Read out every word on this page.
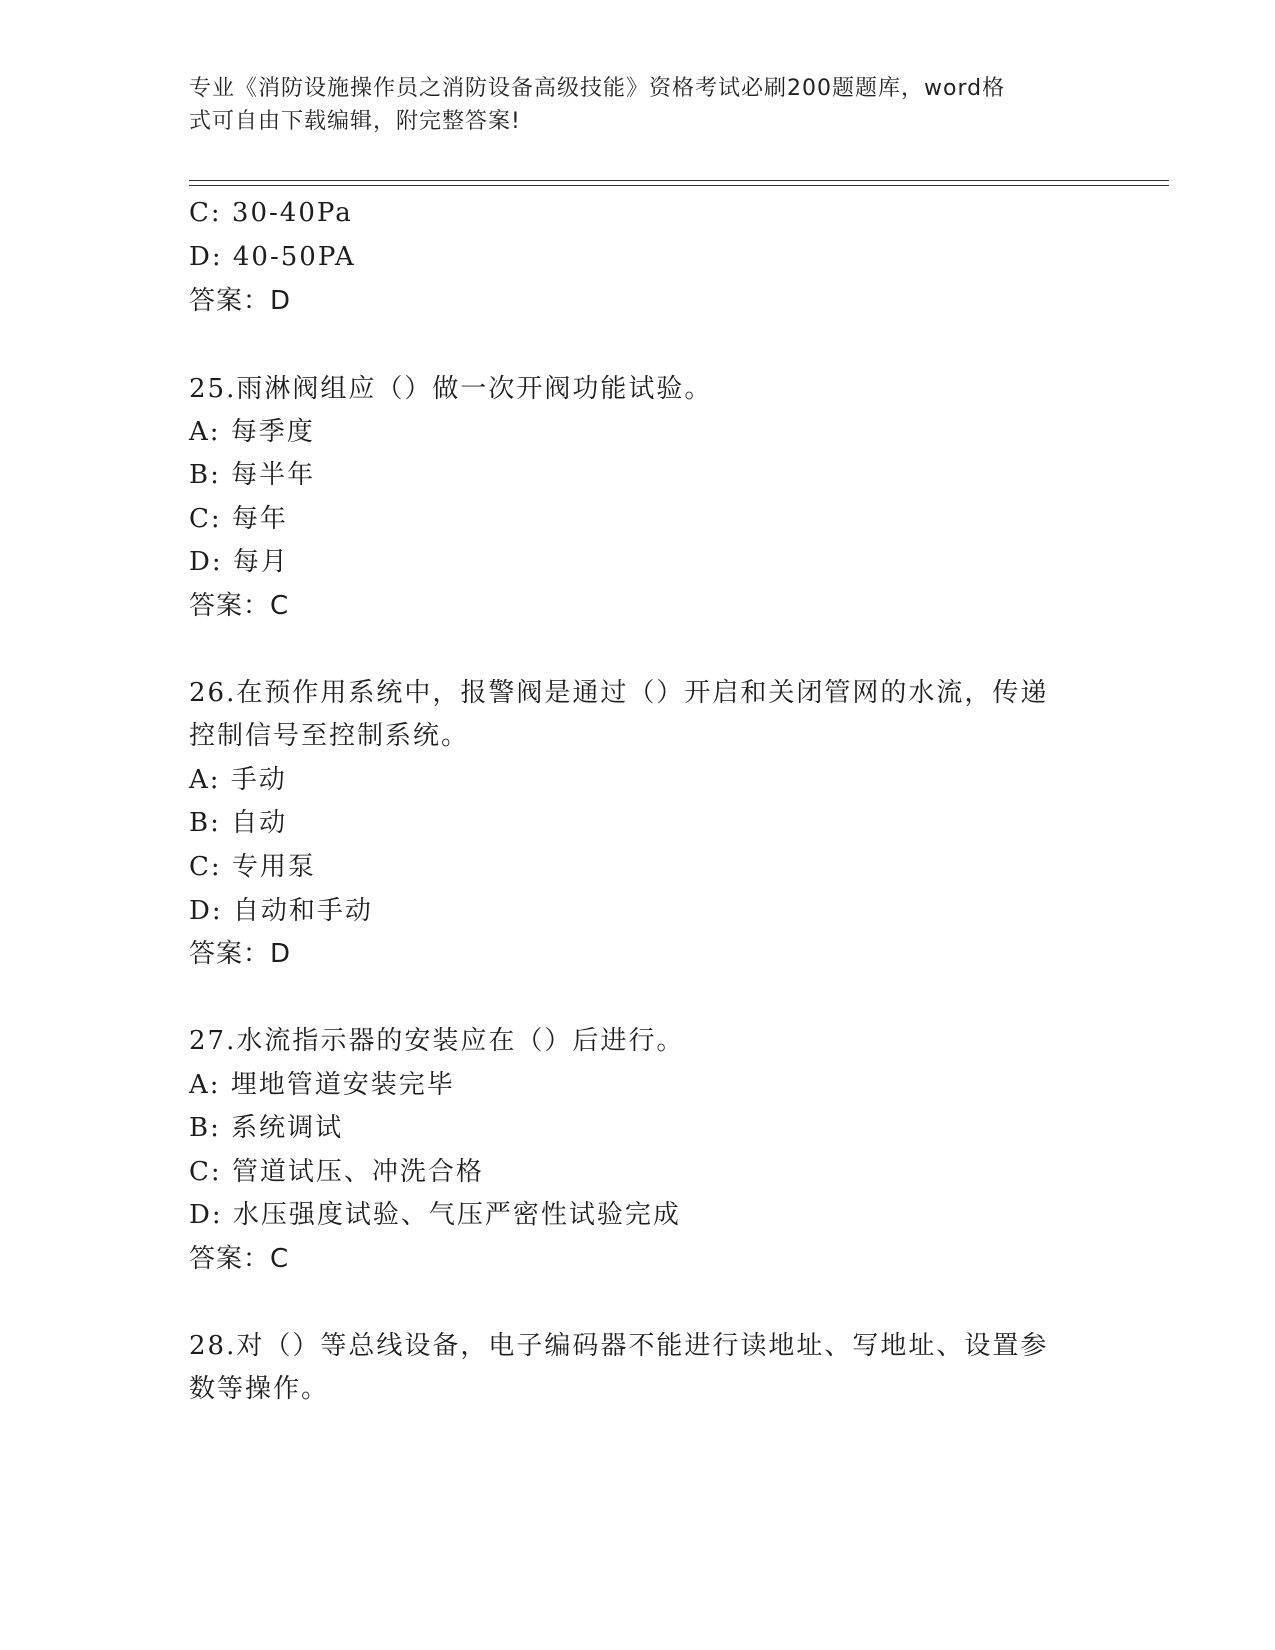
专业《消防设施操作员之消防设备高级技能》资格考试必刷200题题库，word格
式可自由下载编辑，附完整答案!
C: 30-40Pa
D: 40-50PA
答案：D
25.雨淋阀组应（）做一次开阀功能试验。
A: 每季度
B: 每半年
C: 每年
D: 每月
答案：C
26.在预作用系统中，报警阀是通过（）开启和关闭管网的水流，传递
控制信号至控制系统。
A: 手动
B: 自动
C: 专用泵
D: 自动和手动
答案：D
27.水流指示器的安装应在（）后进行。
A: 埋地管道安装完毕
B: 系统调试
C: 管道试压、冲洗合格
D: 水压强度试验、气压严密性试验完成
答案：C
28.对（）等总线设备，电子编码器不能进行读地址、写地址、设置参
数等操作。
